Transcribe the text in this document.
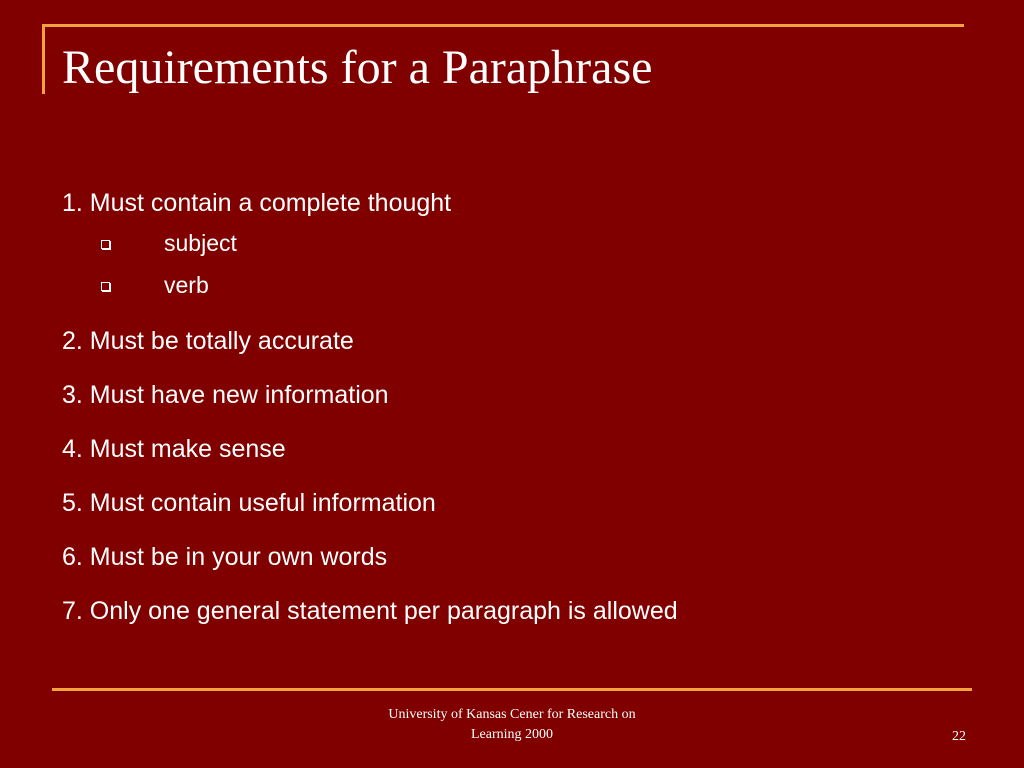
Requirements for a Paraphrase
1. Must contain a complete thought
subject
verb
2. Must be totally accurate
3. Must have new information
4. Must make sense
5. Must contain useful information
6. Must be in your own words
7. Only one general statement per paragraph is allowed
University of Kansas Cener for Research on
Learning 2000	22
